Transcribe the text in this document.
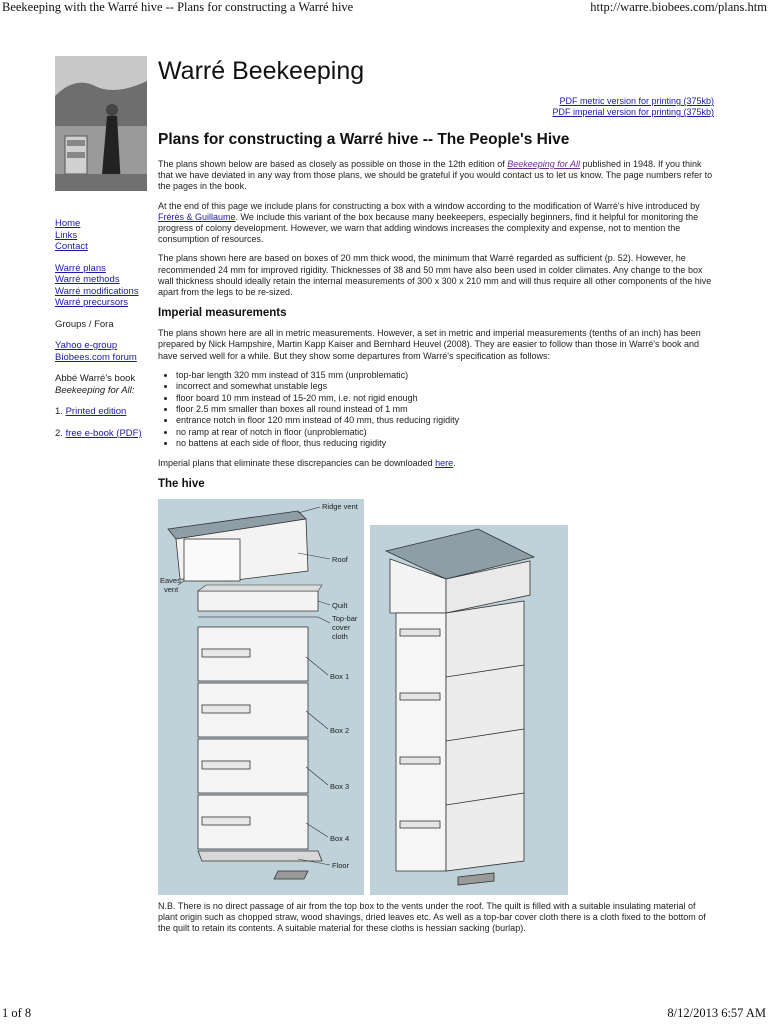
Beekeeping with the Warré hive -- Plans for constructing a Warré hive	http://warre.biobees.com/plans.htm
Home
Links
Contact
Warré plans
Warré methods
Warré modifications
Warré precursors
Groups / Fora
Yahoo e-group
Biobees.com forum
Abbé Warré's book
Beekeeping for All:
1. Printed edition
2. free e-book (PDF)
Warré Beekeeping
PDF metric version for printing (375kb)
PDF imperial version for printing (375kb)
Plans for constructing a Warré hive -- The People's Hive

The plans shown below are based as closely as possible on those in the 12th edition of Beekeeping for All published in 1948. If you think that we have deviated in any way from those plans, we should be grateful if you would contact us to let us know. The page numbers refer to the pages in the book.

At the end of this page we include plans for constructing a box with a window according to the modification of Warré's hive introduced by Frérès & Guillaume. We include this variant of the box because many beekeepers, especially beginners, find it helpful for monitoring the progress of colony development. However, we warn that adding windows increases the complexity and expense, not to mention the consumption of resources.

The plans shown here are based on boxes of 20 mm thick wood, the minimum that Warré regarded as sufficient (p. 52). However, he recommended 24 mm for improved rigidity. Thicknesses of 38 and 50 mm have also been used in colder climates. Any change to the box wall thickness should ideally retain the internal measurements of 300 x 300 x 210 mm and will thus require all other components of the hive apart from the legs to be re-sized.

Imperial measurements

The plans shown here are all in metric measurements. However, a set in metric and imperial measurements (tenths of an inch) has been prepared by Nick Hampshire, Martin Kapp Kaiser and Bernhard Heuvel (2008). They are easier to follow than those in Warré's book and have served well for a while. But they show some departures from Warré's specification as follows:

• top-bar length 320 mm instead of 315 mm (unproblematic)
• incorrect and somewhat unstable legs
• floor board 10 mm instead of 15-20 mm, i.e. not rigid enough
• floor 2.5 mm smaller than boxes all round instead of 1 mm
• entrance notch in floor 120 mm instead of 40 mm, thus reducing rigidity
• no ramp at rear of notch in floor (unproblematic)
• no battens at each side of floor, thus reducing rigidity

Imperial plans that eliminate these discrepancies can be downloaded here.

The hive
Ridge vent
Roof
Eaves
vent
Quilt
Top-bar
cover
cloth
Box 1
Box 2
Box 3
Box 4
Floor

N.B. There is no direct passage of air from the top box to the vents under the roof. The quilt is filled with a suitable insulating material of plant origin such as chopped straw, wood shavings, dried leaves etc. As well as a top-bar cover cloth there is a cloth fixed to the bottom of the quilt to retain its contents. A suitable material for these cloths is hessian sacking (burlap).

1 of 8	8/12/2013 6:57 AM
